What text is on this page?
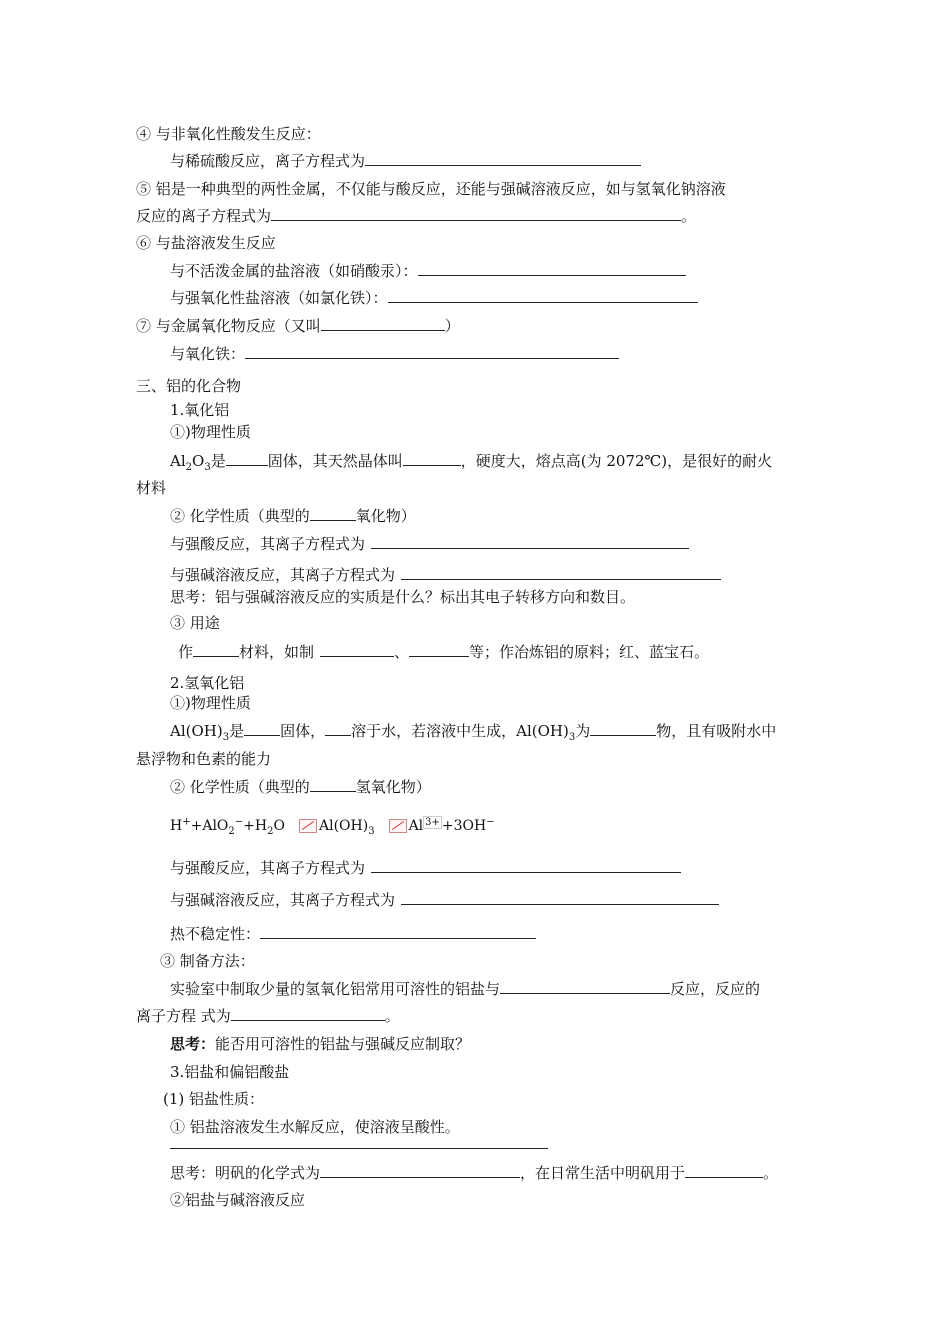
④ 与非氧化性酸发生反应：
与稀硫酸反应，离子方程式为
⑤ 铝是一种典型的两性金属，不仅能与酸反应，还能与强碱溶液反应，如与氢氧化钠溶液
反应的离子方程式为	。
⑥ 与盐溶液发生反应
与不活泼金属的盐溶液（如硝酸汞）：
与强氧化性盐溶液（如氯化铁）：
⑦ 与金属氧化物反应（又叫	）
与氧化铁：
三、铝的化合物
1.氧化铝
①)物理性质
$Al_2O_3$是	固体，其天然晶体叫	，硬度大，熔点高(为 2072℃)，是很好的耐火
材料
② 化学性质（典型的	氧化物）
与强酸反应，其离子方程式为
与强碱溶液反应，其离子方程式为
思考：铝与强碱溶液反应的实质是什么？标出其电子转移方向和数目。
③ 用途
作	材料，如制	、	等；作冶炼铝的原料；红、蓝宝石。
2.氢氧化铝
①)物理性质
$Al(OH)_3$是 固体， 溶于水，若溶液中生成，$Al(OH)_3$为	物，且有吸附水中
悬浮物和色素的能力
② 化学性质（典型的	氢氧化物）
$H^++AlO_2^-+H_2O$ $Al(OH)_3$ Al $^{3+}$ +3OH−
与强酸反应，其离子方程式为
与强碱溶液反应，其离子方程式为
热不稳定性：
③ 制备方法：
实验室中制取少量的氢氧化铝常用可溶性的铝盐与	反应，反应的
离子方程 式为	。
思考：能否用可溶性的铝盐与强碱反应制取？
3.铝盐和偏铝酸盐
(1) 铝盐性质：
① 铝盐溶液发生水解反应，使溶液呈酸性。
思考：明矾的化学式为	，在日常生活中明矾用于	。
②铝盐与碱溶液反应
